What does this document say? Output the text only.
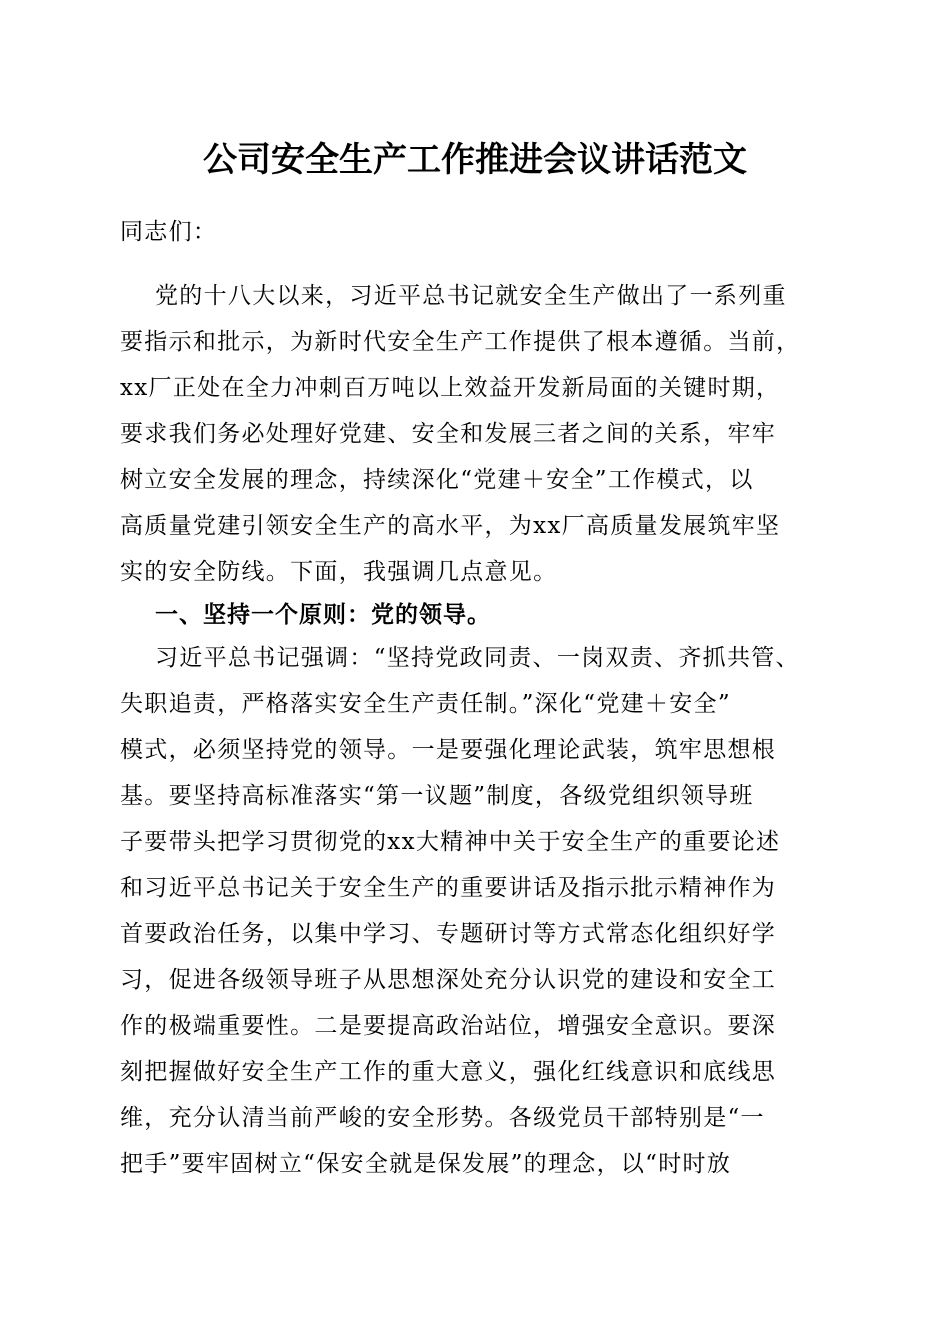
公司安全生产工作推进会议讲话范文
同志们：
党的十八大以来，习近平总书记就安全生产做出了一系列重
要指示和批示，为新时代安全生产工作提供了根本遵循。当前，
xx厂正处在全力冲刺百万吨以上效益开发新局面的关键时期，
要求我们务必处理好党建、安全和发展三者之间的关系，牢牢
树立安全发展的理念，持续深化“党建＋安全”工作模式，以
高质量党建引领安全生产的高水平，为xx厂高质量发展筑牢坚
实的安全防线。下面，我强调几点意见。
一、坚持一个原则：党的领导。
习近平总书记强调：“坚持党政同责、一岗双责、齐抓共管、
失职追责，严格落实安全生产责任制。”深化“党建＋安全”
模式，必须坚持党的领导。一是要强化理论武装，筑牢思想根
基。要坚持高标准落实“第一议题”制度，各级党组织领导班
子要带头把学习贯彻党的xx大精神中关于安全生产的重要论述
和习近平总书记关于安全生产的重要讲话及指示批示精神作为
首要政治任务，以集中学习、专题研讨等方式常态化组织好学
习，促进各级领导班子从思想深处充分认识党的建设和安全工
作的极端重要性。二是要提高政治站位，增强安全意识。要深
刻把握做好安全生产工作的重大意义，强化红线意识和底线思
维，充分认清当前严峻的安全形势。各级党员干部特别是“一
把手”要牢固树立“保安全就是保发展”的理念，以“时时放
